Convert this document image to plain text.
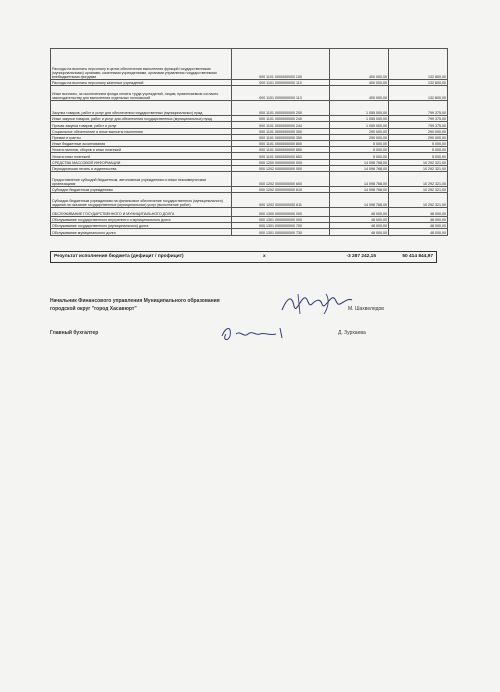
Расходы на выплаты персоналу в целях обеспечения выполнения функций государственными (муниципальными) органами, казенными учреждениями, органами управления государственными внебюджетными фондами	000 1101 0000000000 100	400 000,00	132 800,00
Расходы на выплаты персоналу казенных учреждений	000 1101 0000000000 110	400 000,00	132 800,00
Иные выплаты, за исключением фонда оплаты труда учреждений, лицам, привлекаемым согласно законодательству для выполнения отдельных полномочий	000 1101 0000000000 113	400 000,00	132 800,00
Закупка товаров, работ и услуг для обеспечения государственных (муниципальных) нужд	000 1101 0000000000 200	1 055 000,00	799 375,00
Иные закупки товаров, работ и услуг для обеспечения государственных (муниципальных) нужд	000 1101 0000000000 240	1 055 000,00	799 375,00
Прочая закупка товаров, работ и услуг	000 1101 0000000000 244	1 055 000,00	799 375,00
Социальное обеспечение и иные выплаты населению	000 1101 0000000000 300	290 000,00	290 000,00
Премии и гранты	000 1101 0000000000 350	290 000,00	290 000,00
Иные бюджетные ассигнования	000 1101 0000000000 800	5 000,00	5 000,00
Уплата налогов, сборов и иных платежей	000 1101 0000000000 850	5 000,00	5 000,00
Уплата иных платежей	000 1101 0000000000 853	5 000,00	5 000,00
СРЕДСТВА МАССОВОЙ ИНФОРМАЦИИ	000 1200 0000000000 000	14 098 768,00	10 292 321,00
Периодическая печать и издательства	000 1202 0000000000 000	14 098 768,00	10 292 321,00
Предоставление субсидий бюджетным, автономным учреждениям и иным некоммерческим организациям	000 1202 0000000000 600	14 098 768,00	10 292 321,00
Субсидии бюджетным учреждениям	000 1202 0000000000 610	14 098 768,00	10 292 321,00
Субсидии бюджетным учреждениям на финансовое обеспечение государственного (муниципального) задания на оказание государственных (муниципальных) услуг (выполнение работ)	000 1202 0000000000 611	14 098 768,00	10 292 321,00
ОБСЛУЖИВАНИЕ ГОСУДАРСТВЕННОГО И МУНИЦИПАЛЬНОГО ДОЛГА	000 1300 0000000000 000	48 000,00	48 000,00
Обслуживание государственного внутреннего и муниципального долга	000 1301 0000000000 000	48 000,00	48 000,00
Обслуживание государственного (муниципального) долга	000 1301 0000000000 700	48 000,00	48 000,00
Обслуживание муниципального долга	000 1301 0000000000 730	48 000,00	48 000,00
Результат исполнения бюджета (дефицит / профицит)	x	-3 287 242,15	50 414 844,97
Начальник Финансового управления Муниципального образования
городской округ "город Хасавюрт"	М. Шахвеледов
Главный бухгалтер	Д. Зурхаева
